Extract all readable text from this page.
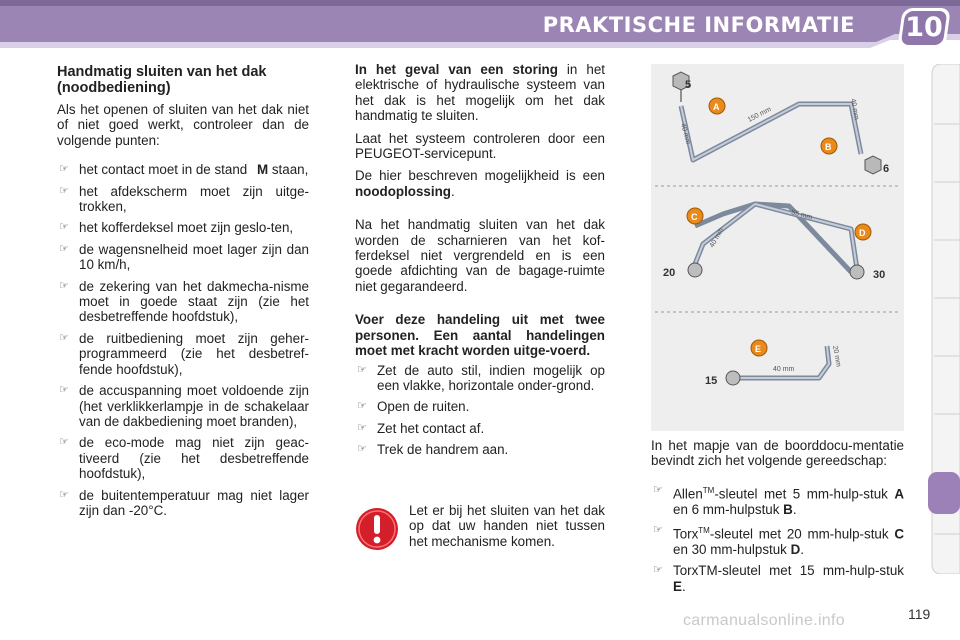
PRAKTISCHE INFORMATIE 10
Handmatig sluiten van het dak (noodbediening)

Als het openen of sluiten van het dak niet of niet goed werkt, controleer dan de volgende punten:

☞ het contact moet in de stand M staan,
☞ het afdekscherm moet zijn uitge-trokken,
☞ het kofferdeksel moet zijn geslo-ten,
☞ de wagensnelheid moet lager zijn dan 10 km/h,
☞ de zekering van het dakmecha-nisme moet in goede staat zijn (zie het desbetreffende hoofdstuk),
☞ de ruitbediening moet zijn geher-programmeerd (zie het desbetref-fende hoofdstuk),
☞ de accuspanning moet voldoende zijn (het verklikkerlampje in de schakelaar van de dakbediening moet branden),
☞ de eco-mode mag niet zijn geac-tiveerd (zie het desbetreffende hoofdstuk),
☞ de buitentemperatuur mag niet lager zijn dan -20°C.

In het geval van een storing in het elektrische of hydraulische systeem van het dak is het mogelijk om het dak handmatig te sluiten.

Laat het systeem controleren door een PEUGEOT-servicepunt.

De hier beschreven mogelijkheid is een noodoplossing.

Na het handmatig sluiten van het dak worden de scharnieren van het kof-ferdeksel niet vergrendeld en is een goede afdichting van de bagage-ruimte niet gegarandeerd.

Voer deze handeling uit met twee personen. Een aantal handelingen moet met kracht worden uitge-voerd.

☞ Zet de auto stil, indien mogelijk op een vlakke, horizontale onder-grond.
☞ Open de ruiten.
☞ Zet het contact af.
☞ Trek de handrem aan.
Let er bij het sluiten van het dak op dat uw handen niet tussen het mechanisme komen.
5
6
A
B
40 mm
150 mm	40 mm
C
D
20	30
40 mm
55 mm
E
15
40 mm
20 mm

In het mapje van de boorddocu-mentatie bevindt zich het volgende gereedschap:

☞ Allen™-sleutel met 5 mm-hulp-stuk A en 6 mm-hulpstuk B.
☞ Torx™-sleutel met 20 mm-hulp-stuk C en 30 mm-hulpstuk D.
☞ TorxTM-sleutel met 15 mm-hulp-stuk E.
119
carmanualsonline.info
